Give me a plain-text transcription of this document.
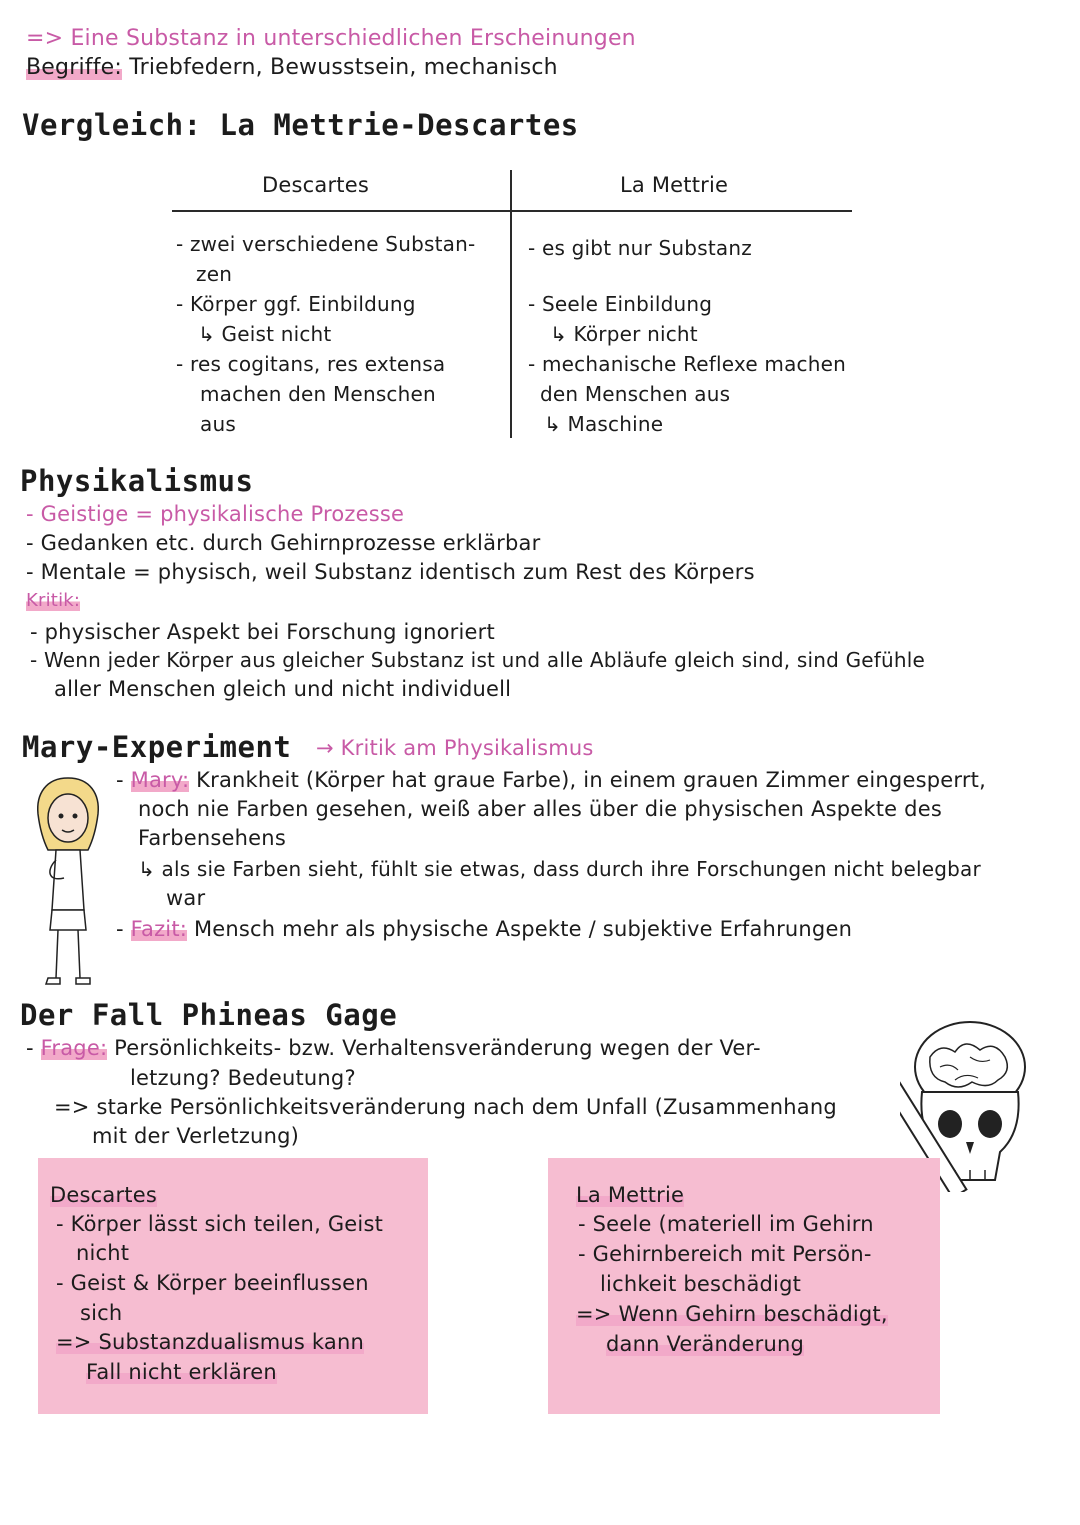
=> Eine Substanz in unterschiedlichen Erscheinungen
Begriffe: Triebfedern, Bewusstsein, mechanisch
Vergleich: La Mettrie-Descartes
Descartes	La Mettrie
- zwei verschiedene Substan-
zen
- Körper ggf. Einbildung
↳ Geist nicht
- res cogitans, res extensa
machen den Menschen
aus
- es gibt nur Substanz
- Seele Einbildung
↳ Körper nicht
- mechanische Reflexe machen
den Menschen aus
↳ Maschine
Physikalismus
- Geistige = physikalische Prozesse
- Gedanken etc. durch Gehirnprozesse erklärbar
- Mentale = physisch, weil Substanz identisch zum Rest des Körpers
Kritik:
- physischer Aspekt bei Forschung ignoriert
- Wenn jeder Körper aus gleicher Substanz ist und alle Abläufe gleich sind, sind Gefühle
aller Menschen gleich und nicht individuell
Mary-Experiment → Kritik am Physikalismus
- Mary: Krankheit (Körper hat graue Farbe), in einem grauen Zimmer eingesperrt,
noch nie Farben gesehen, weiß aber alles über die physischen Aspekte des
Farbensehens
↳ als sie Farben sieht, fühlt sie etwas, dass durch ihre Forschungen nicht belegbar
war
- Fazit: Mensch mehr als physische Aspekte / subjektive Erfahrungen
Der Fall Phineas Gage
- Frage: Persönlichkeits- bzw. Verhaltensveränderung wegen der Ver-
letzung? Bedeutung?
=> starke Persönlichkeitsveränderung nach dem Unfall (Zusammenhang
mit der Verletzung)
Descartes
- Körper lässt sich teilen, Geist
nicht
- Geist & Körper beeinflussen
sich
=> Substanzdualismus kann
Fall nicht erklären
La Mettrie
- Seele (materiell im Gehirn
- Gehirnbereich mit Persön-
lichkeit beschädigt
=> Wenn Gehirn beschädigt,
dann Veränderung
